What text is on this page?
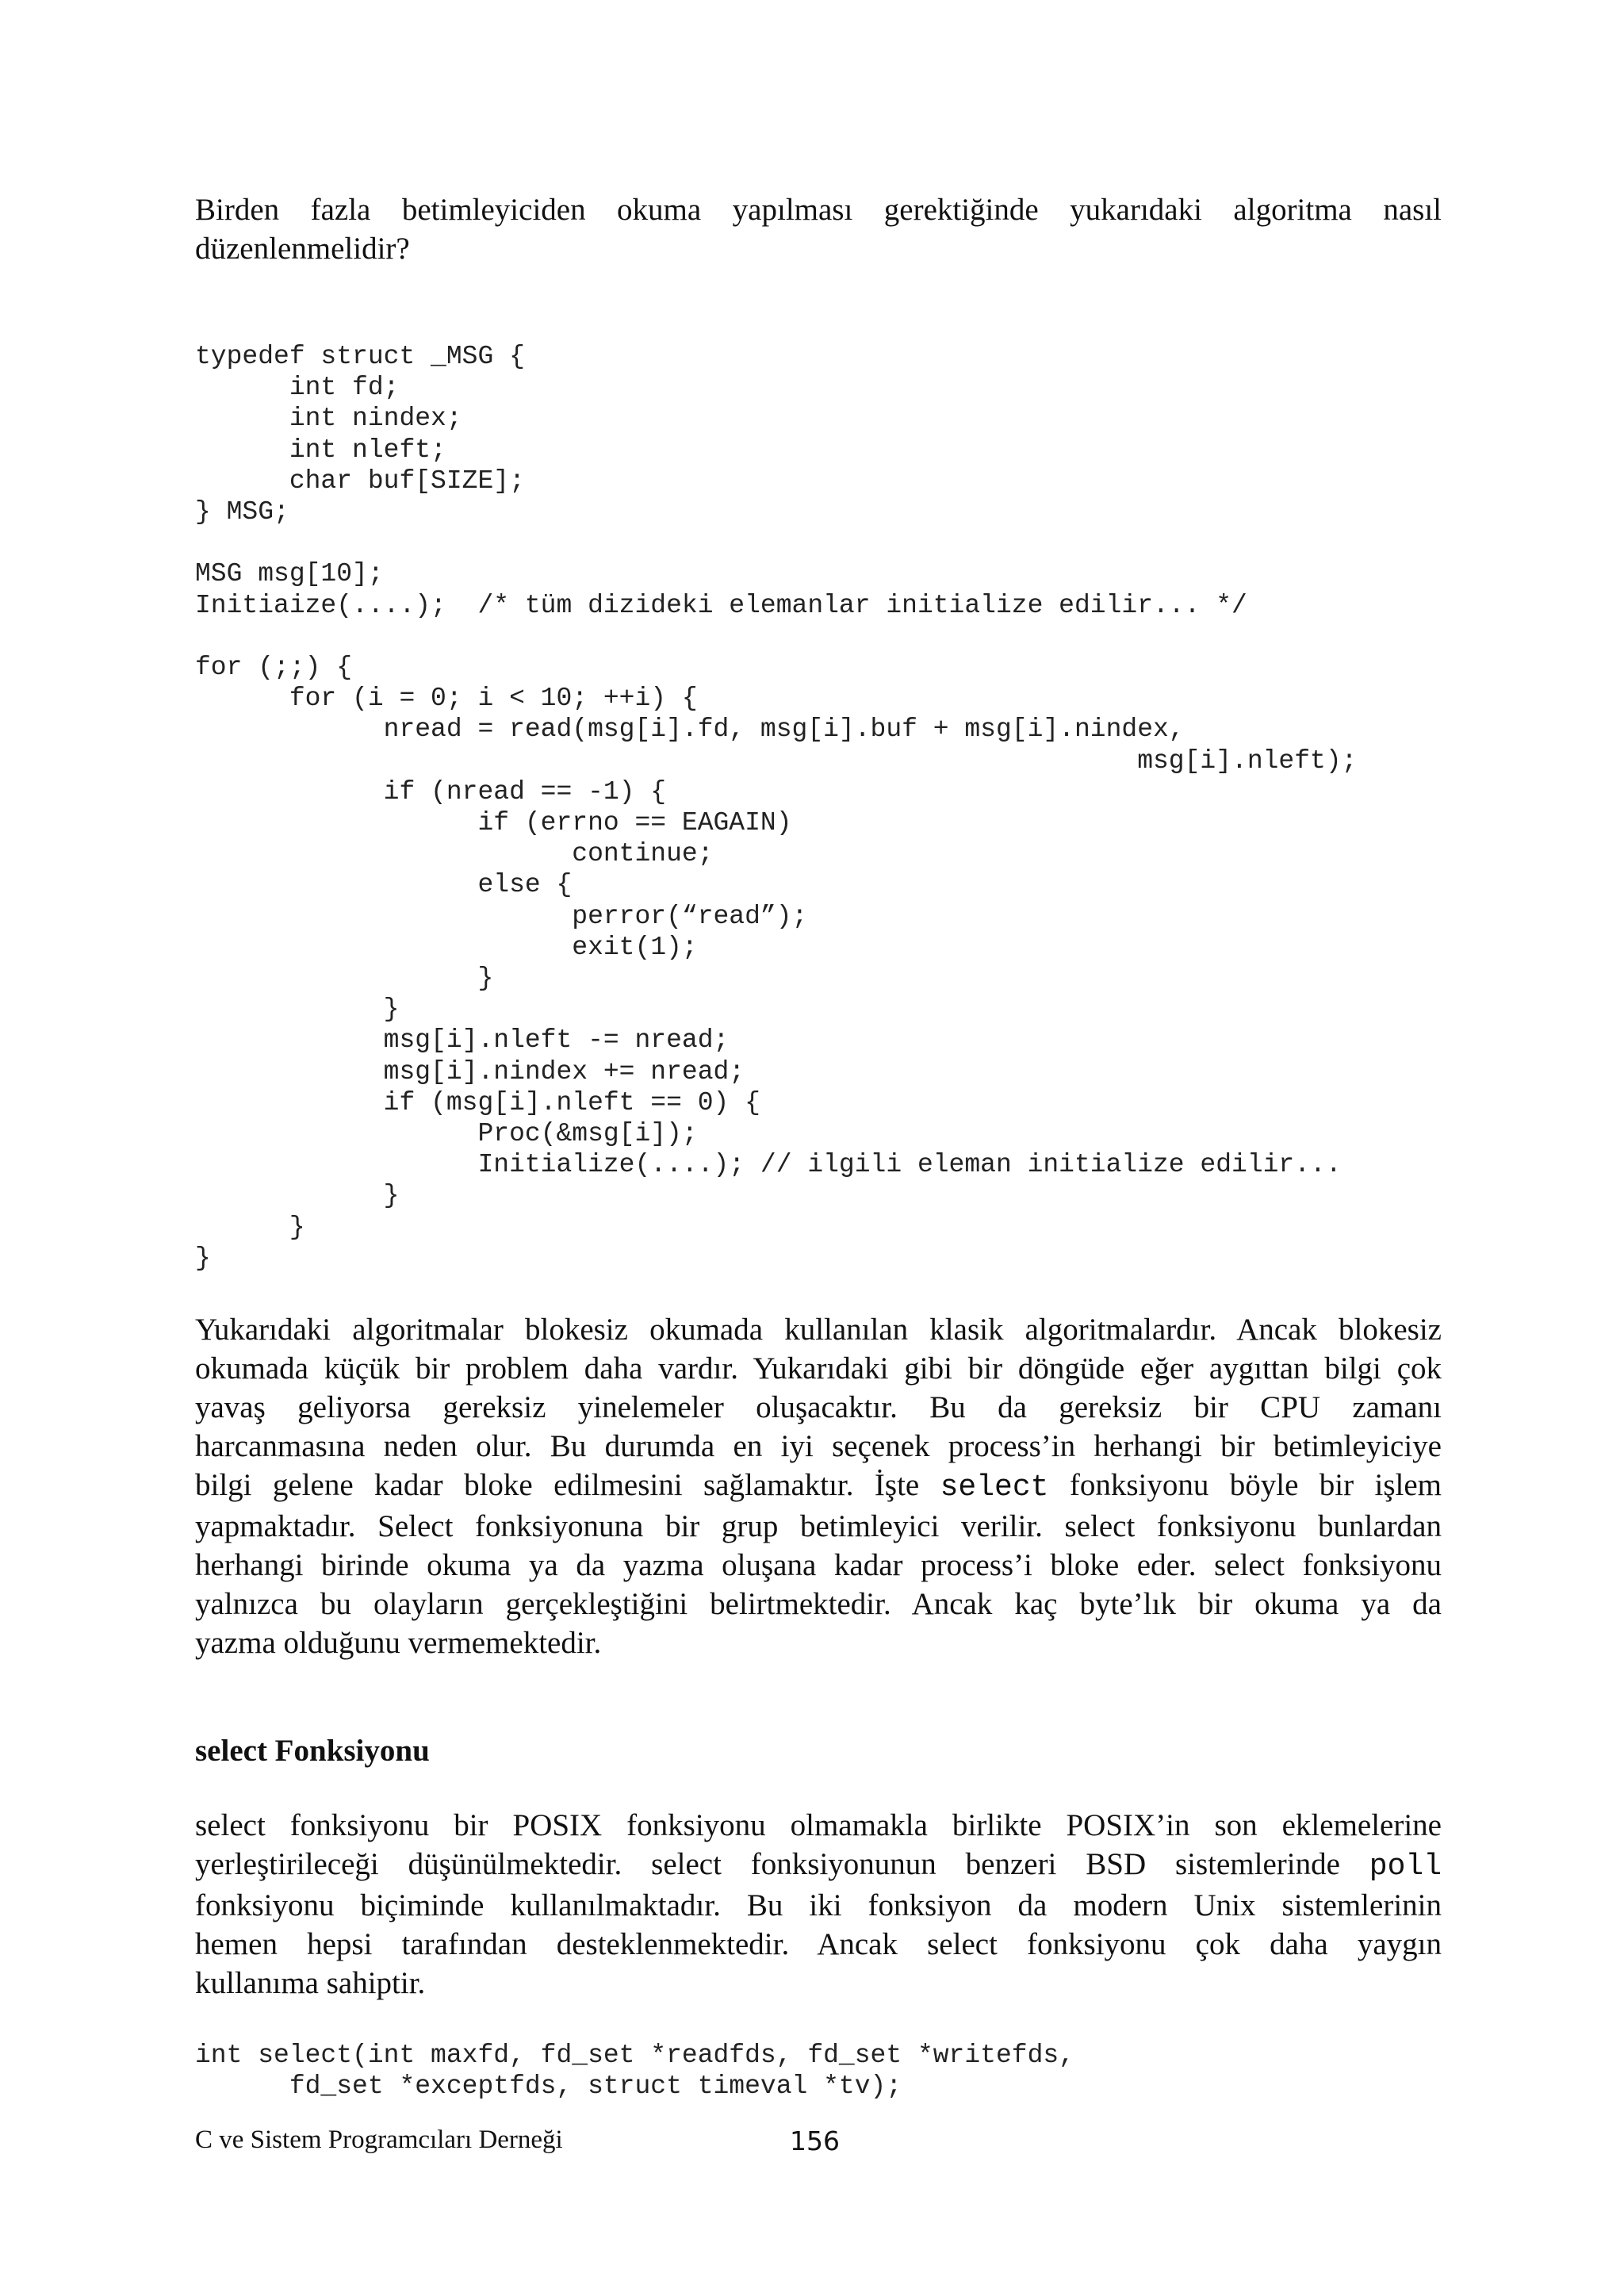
Birden fazla betimleyiciden okuma yapılması gerektiğinde yukarıdaki algoritma nasıl
düzenlenmelidir?
typedef struct _MSG {
int fd;
int nindex;
int nleft;
char buf[SIZE];
} MSG;

MSG msg[10];
Initiaize(....);  /* tüm dizideki elemanlar initialize edilir... */

for (;;) {
for (i = 0; i < 10; ++i) {
nread = read(msg[i].fd, msg[i].buf + msg[i].nindex,
msg[i].nleft);
if (nread == -1) {
if (errno == EAGAIN)
continue;
else {
perror(“read”);
exit(1);
}
}
msg[i].nleft -= nread;
msg[i].nindex += nread;
if (msg[i].nleft == 0) {
Proc(&msg[i]);
Initialize(....); // ilgili eleman initialize edilir...
}
}
}
Yukarıdaki algoritmalar blokesiz okumada kullanılan klasik algoritmalardır. Ancak blokesiz
okumada küçük bir problem daha vardır. Yukarıdaki gibi bir döngüde eğer aygıttan bilgi çok
yavaş geliyorsa gereksiz yinelemeler oluşacaktır. Bu da gereksiz bir CPU zamanı
harcanmasına neden olur. Bu durumda en iyi seçenek process’in herhangi bir betimleyiciye
bilgi gelene kadar bloke edilmesini sağlamaktır. İşte select fonksiyonu böyle bir işlem
yapmaktadır. Select fonksiyonuna bir grup betimleyici verilir. select fonksiyonu bunlardan
herhangi birinde okuma ya da yazma oluşana kadar process’i bloke eder. select fonksiyonu
yalnızca bu olayların gerçekleştiğini belirtmektedir. Ancak kaç byte’lık bir okuma ya da
yazma olduğunu vermemektedir.
select Fonksiyonu
select fonksiyonu bir POSIX fonksiyonu olmamakla birlikte POSIX’in son eklemelerine
yerleştirileceği düşünülmektedir. select fonksiyonunun benzeri BSD sistemlerinde poll
fonksiyonu biçiminde kullanılmaktadır. Bu iki fonksiyon da modern Unix sistemlerinin
hemen hepsi tarafından desteklenmektedir. Ancak select fonksiyonu çok daha yaygın
kullanıma sahiptir.
int select(int maxfd, fd_set *readfds, fd_set *writefds,
fd_set *exceptfds, struct timeval *tv);
C ve Sistem Programcıları Derneği	156
